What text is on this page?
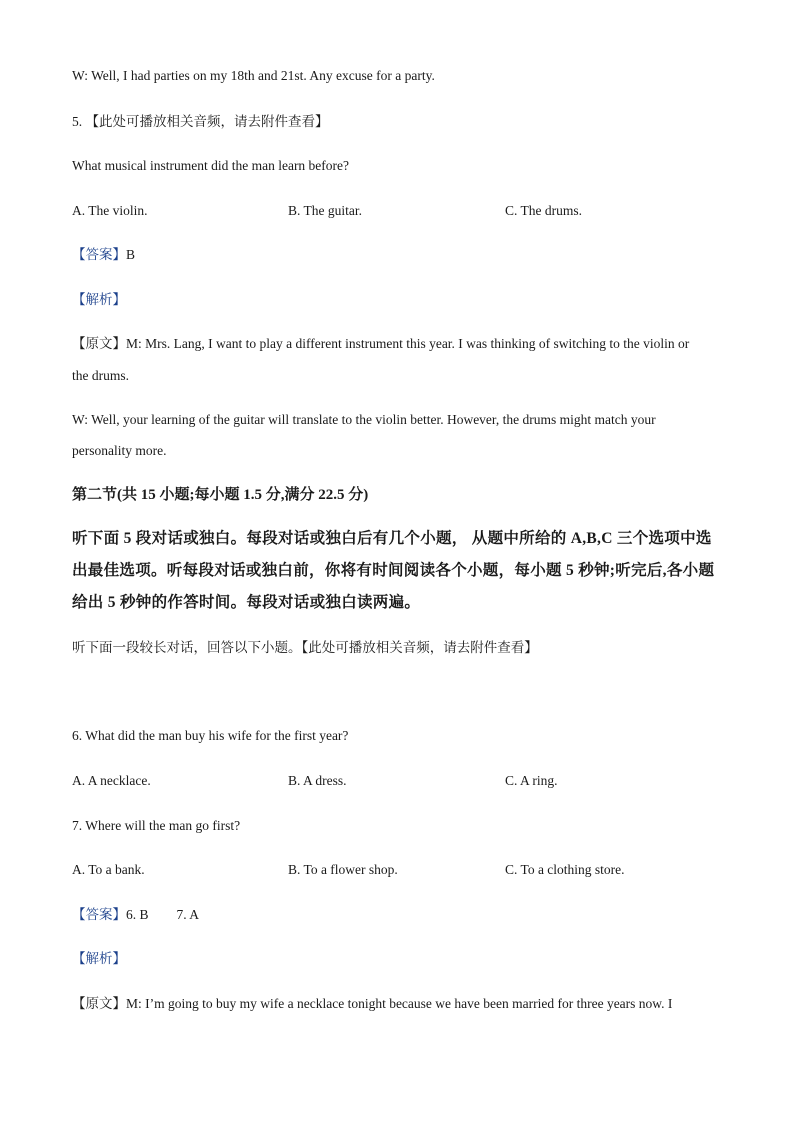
W: Well, I had parties on my 18th and 21st. Any excuse for a party.
5. 【此处可播放相关音频，请去附件查看】
What musical instrument did the man learn before?
A. The violin.	B. The guitar.	C. The drums.
【答案】B
【解析】
【原文】M: Mrs. Lang, I want to play a different instrument this year. I was thinking of switching to the violin or
the drums.
W: Well, your learning of the guitar will translate to the violin better. However, the drums might match your
personality more.
第二节(共 15 小题;每小题 1.5 分,满分 22.5 分)
听下面 5 段对话或独白。每段对话或独白后有几个小题， 从题中所给的 A,B,C 三个选项中选
出最佳选项。听每段对话或独白前，你将有时间阅读各个小题，每小题 5 秒钟;听完后,各小题
给出 5 秒钟的作答时间。每段对话或独白读两遍。
听下面一段较长对话，回答以下小题。【此处可播放相关音频，请去附件查看】
6. What did the man buy his wife for the first year?
A. A necklace.	B. A dress.	C. A ring.
7. Where will the man go first?
A. To a bank.	B. To a flower shop.	C. To a clothing store.
【答案】6. B 7. A
【解析】
【原文】M: I’m going to buy my wife a necklace tonight because we have been married for three years now. I
